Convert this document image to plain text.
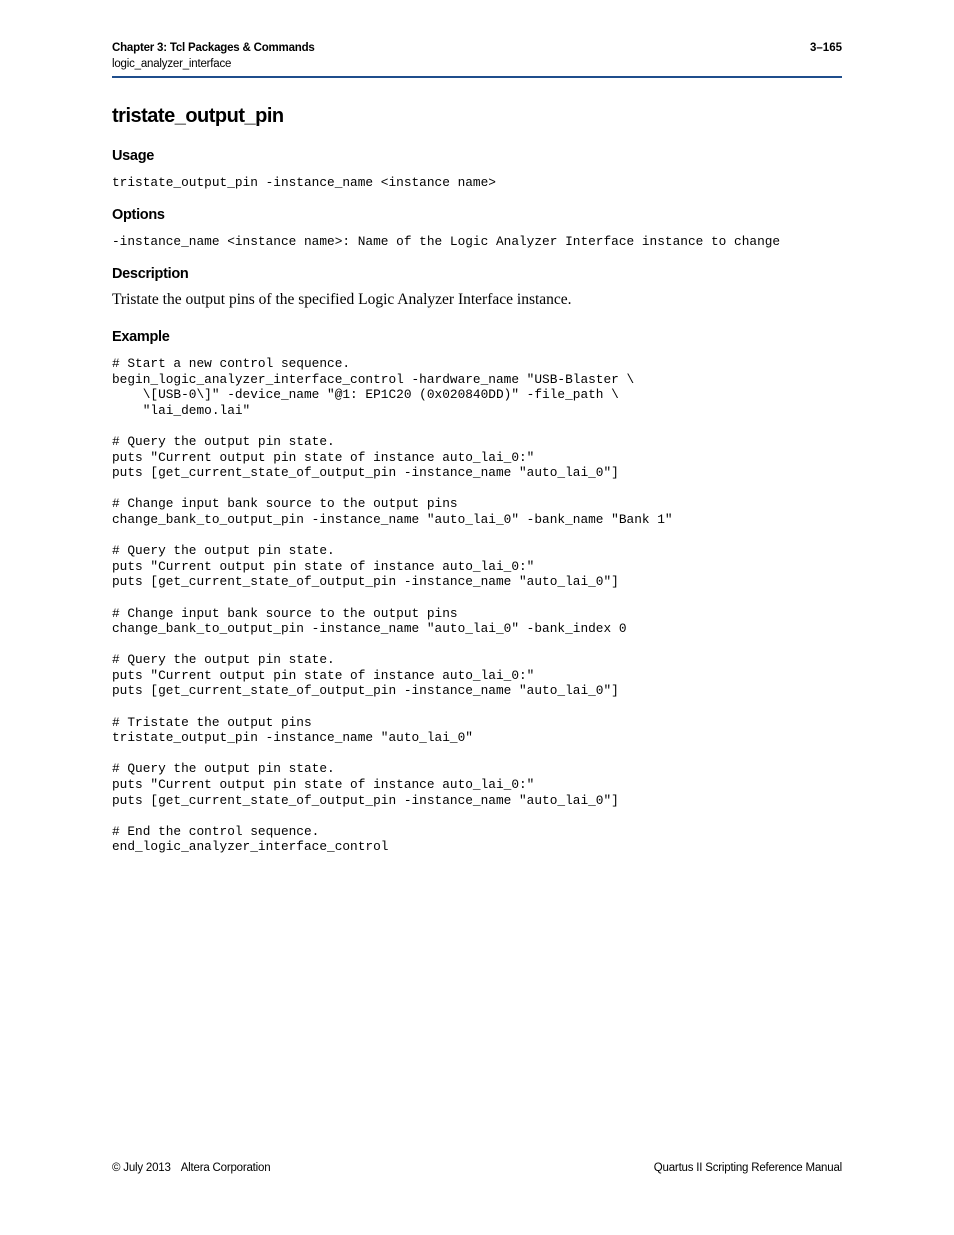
Chapter 3: Tcl Packages & Commands	3–165
logic_analyzer_interface
tristate_output_pin
Usage
tristate_output_pin -instance_name <instance name>
Options
-instance_name <instance name>: Name of the Logic Analyzer Interface instance to change
Description
Tristate the output pins of the specified Logic Analyzer Interface instance.
Example
# Start a new control sequence.
begin_logic_analyzer_interface_control -hardware_name "USB-Blaster \
\[USB-0\]" -device_name "@1: EP1C20 (0x020840DD)" -file_path \
"lai_demo.lai"

# Query the output pin state.
puts "Current output pin state of instance auto_lai_0:"
puts [get_current_state_of_output_pin -instance_name "auto_lai_0"]

# Change input bank source to the output pins
change_bank_to_output_pin -instance_name "auto_lai_0" -bank_name "Bank 1"

# Query the output pin state.
puts "Current output pin state of instance auto_lai_0:"
puts [get_current_state_of_output_pin -instance_name "auto_lai_0"]

# Change input bank source to the output pins
change_bank_to_output_pin -instance_name "auto_lai_0" -bank_index 0

# Query the output pin state.
puts "Current output pin state of instance auto_lai_0:"
puts [get_current_state_of_output_pin -instance_name "auto_lai_0"]

# Tristate the output pins
tristate_output_pin -instance_name "auto_lai_0"

# Query the output pin state.
puts "Current output pin state of instance auto_lai_0:"
puts [get_current_state_of_output_pin -instance_name "auto_lai_0"]

# End the control sequence.
end_logic_analyzer_interface_control
© July 2013 Altera Corporation	Quartus II Scripting Reference Manual
